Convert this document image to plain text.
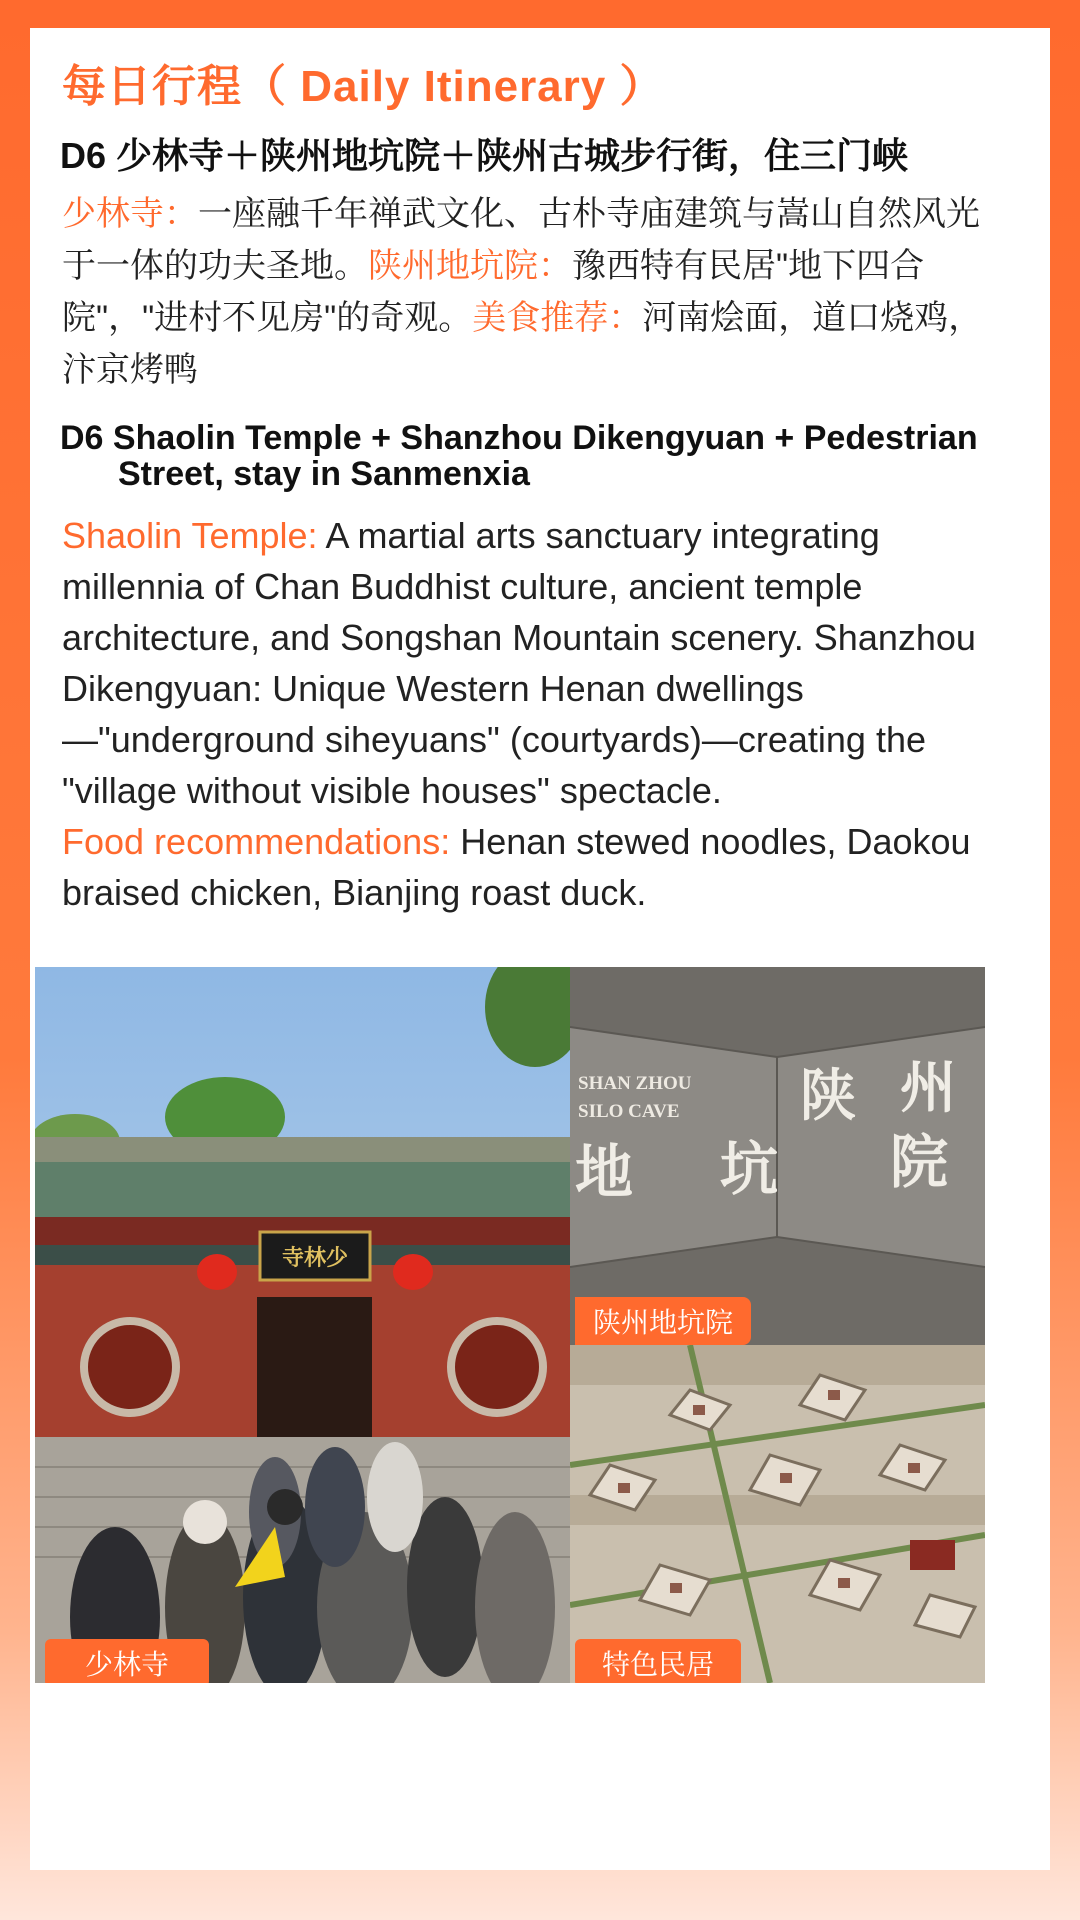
每日行程（ Daily Itinerary ）
D6 少林寺＋陕州地坑院＋陕州古城步行街，住三门峡
少林寺：一座融千年禅武文化、古朴寺庙建筑与嵩山自然风光于一体的功夫圣地。陕州地坑院：豫西特有民居"地下四合院"，"进村不见房"的奇观。美食推荐：河南烩面，道口烧鸡，汴京烤鸭
D6 Shaolin Temple + Shanzhou Dikengyuan + Pedestrian
Street, stay in Sanmenxia
Shaolin Temple: A martial arts sanctuary integrating millennia of Chan Buddhist culture, ancient temple architecture, and Songshan Mountain scenery. Shanzhou Dikengyuan: Unique Western Henan dwellings—"underground siheyuans" (courtyards)—creating the "village without visible houses" spectacle.
Food recommendations: Henan stewed noodles, Daokou braised chicken, Bianjing roast duck.
寺林少
SHAN ZHOU
SILO CAVE 陕 州
地 坑 院
少林寺
陕州地坑院
特色民居
